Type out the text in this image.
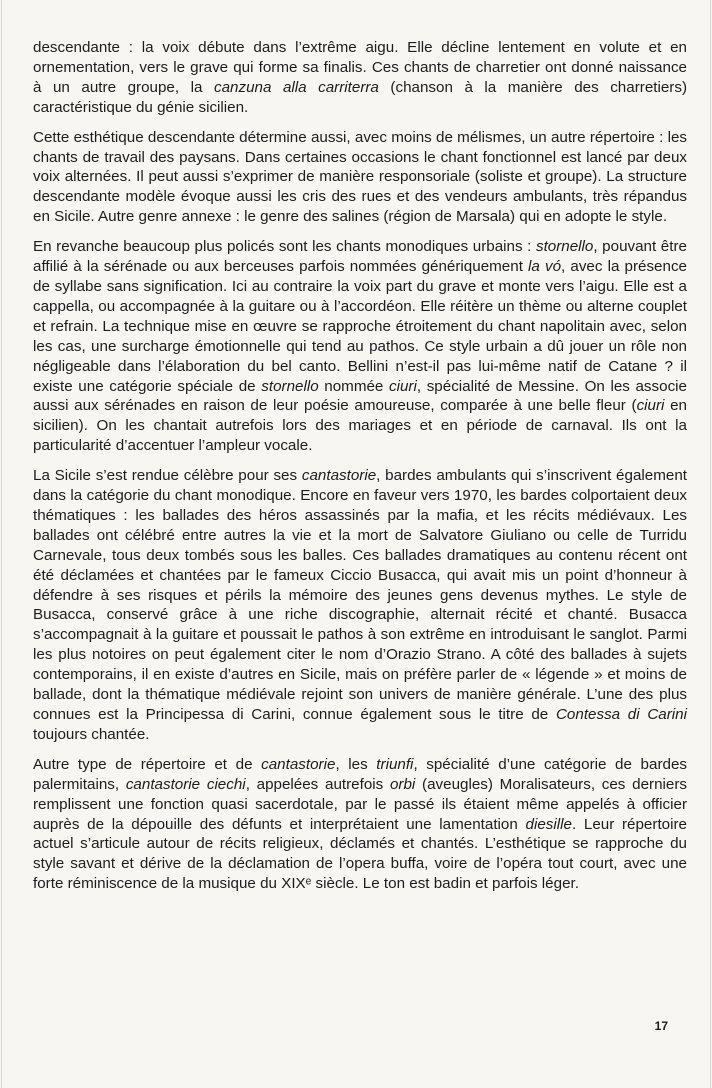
descendante : la voix débute dans l’extrême aigu. Elle décline lentement en volute et en ornementation, vers le grave qui forme sa finalis. Ces chants de charretier ont donné naissance à un autre groupe, la canzuna alla carriterra (chanson à la manière des charretiers) caractéristique du génie sicilien.

Cette esthétique descendante détermine aussi, avec moins de mélismes, un autre répertoire : les chants de travail des paysans. Dans certaines occasions le chant fonctionnel est lancé par deux voix alternées. Il peut aussi s’exprimer de manière responsoriale (soliste et groupe). La structure descendante modèle évoque aussi les cris des rues et des vendeurs ambulants, très répandus en Sicile. Autre genre annexe : le genre des salines (région de Marsala) qui en adopte le style.

En revanche beaucoup plus policés sont les chants monodiques urbains : stornello, pouvant être affilié à la sérénade ou aux berceuses parfois nommées génériquement la vó, avec la présence de syllabe sans signification. Ici au contraire la voix part du grave et monte vers l’aigu. Elle est a cappella, ou accompagnée à la guitare ou à l’accordéon. Elle réitère un thème ou alterne couplet et refrain. La technique mise en œuvre se rapproche étroitement du chant napolitain avec, selon les cas, une surcharge émotionnelle qui tend au pathos. Ce style urbain a dû jouer un rôle non négligeable dans l’élaboration du bel canto. Bellini n’est-il pas lui-même natif de Catane ? il existe une catégorie spéciale de stornello nommée ciuri, spécialité de Messine. On les associe aussi aux sérénades en raison de leur poésie amoureuse, comparée à une belle fleur (ciuri en sicilien). On les chantait autrefois lors des mariages et en période de carnaval. Ils ont la particularité d’accentuer l’ampleur vocale.

La Sicile s’est rendue célèbre pour ses cantastorie, bardes ambulants qui s’inscrivent également dans la catégorie du chant monodique. Encore en faveur vers 1970, les bardes colportaient deux thématiques : les ballades des héros assassinés par la mafia, et les récits médiévaux. Les ballades ont célébré entre autres la vie et la mort de Salvatore Giuliano ou celle de Turridu Carnevale, tous deux tombés sous les balles. Ces ballades dramatiques au contenu récent ont été déclamées et chantées par le fameux Ciccio Busacca, qui avait mis un point d’honneur à défendre à ses risques et périls la mémoire des jeunes gens devenus mythes. Le style de Busacca, conservé grâce à une riche discographie, alternait récité et chanté. Busacca s’accompagnait à la guitare et poussait le pathos à son extrême en introduisant le sanglot. Parmi les plus notoires on peut également citer le nom d’Orazio Strano. A côté des ballades à sujets contemporains, il en existe d’autres en Sicile, mais on préfère parler de « légende » et moins de ballade, dont la thématique médiévale rejoint son univers de manière générale. L’une des plus connues est la Principessa di Carini, connue également sous le titre de Contessa di Carini toujours chantée.

Autre type de répertoire et de cantastorie, les triunfi, spécialité d’une catégorie de bardes palermitains, cantastorie ciechi, appelées autrefois orbi (aveugles) Moralisateurs, ces derniers remplissent une fonction quasi sacerdotale, par le passé ils étaient même appelés à officier auprès de la dépouille des défunts et interprétaient une lamentation diesille. Leur répertoire actuel s’articule autour de récits religieux, déclamés et chantés. L’esthétique se rapproche du style savant et dérive de la déclamation de l’opera buffa, voire de l’opéra tout court, avec une forte réminiscence de la musique du XIXᵉ siècle. Le ton est badin et parfois léger.

17
